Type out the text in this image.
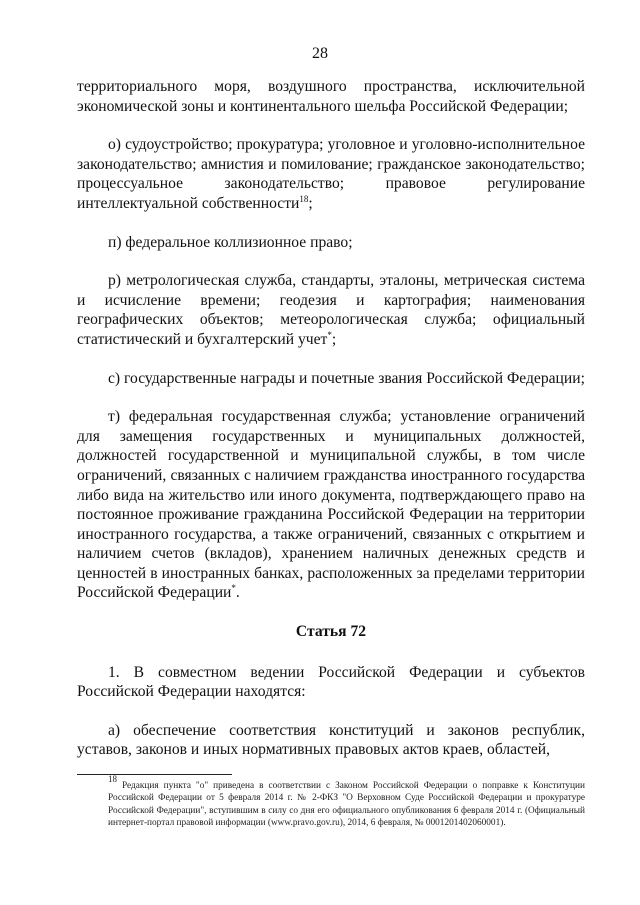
28

территориального моря, воздушного пространства, исключительной экономической зоны и континентального шельфа Российской Федерации;

о) судоустройство; прокуратура; уголовное и уголовно-исполнительное законодательство; амнистия и помилование; гражданское законодательство; процессуальное законодательство; правовое регулирование интеллектуальной собственности$^{18}$;

п) федеральное коллизионное право;

р) метрологическая служба, стандарты, эталоны, метрическая система и исчисление времени; геодезия и картография; наименования географических объектов; метеорологическая служба; официальный статистический и бухгалтерский учет*;

с) государственные награды и почетные звания Российской Федерации;

т) федеральная государственная служба; установление ограничений для замещения государственных и муниципальных должностей, должностей государственной и муниципальной службы, в том числе ограничений, связанных с наличием гражданства иностранного государства либо вида на жительство или иного документа, подтверждающего право на постоянное проживание гражданина Российской Федерации на территории иностранного государства, а также ограничений, связанных с открытием и наличием счетов (вкладов), хранением наличных денежных средств и ценностей в иностранных банках, расположенных за пределами территории Российской Федерации*.

Статья 72

1. В совместном ведении Российской Федерации и субъектов Российской Федерации находятся:

а) обеспечение соответствия конституций и законов республик, уставов, законов и иных нормативных правовых актов краев, областей,

$^{18}$ Редакция пункта "о" приведена в соответствии с Законом Российской Федерации о поправке к Конституции Российской Федерации от 5 февраля 2014 г. № 2-ФКЗ "О Верховном Суде Российской Федерации и прокуратуре Российской Федерации", вступившим в силу со дня его официального опубликования 6 февраля 2014 г. (Официальный интернет-портал правовой информации (www.pravo.gov.ru), 2014, 6 февраля, № 0001201402060001).
